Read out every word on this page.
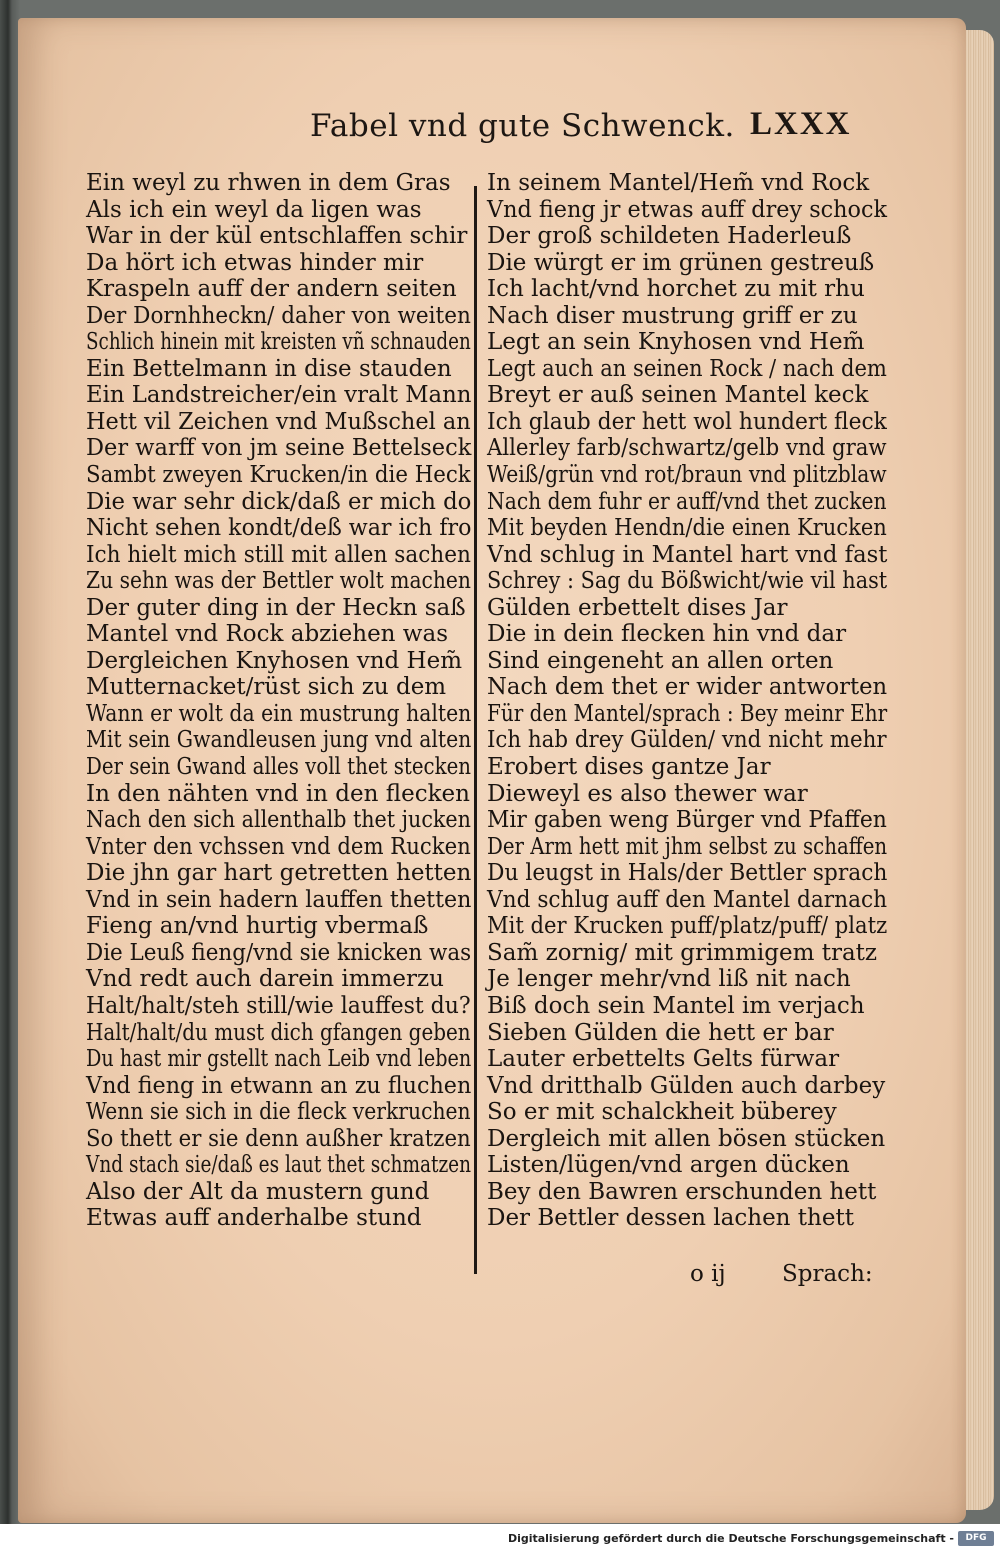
Fabel vnd gute Schwenck. LXXX
Ein weyl zu rhwen in dem Gras
Als ich ein weyl da ligen was
War in der kül entschlaffen schir
Da hört ich etwas hinder mir
Kraspeln auff der andern seiten
Der Dornhheckn/ daher von weiten
Schlich hinein mit kreisten vñ schnauden
Ein Bettelmann in dise stauden
Ein Landstreicher/ein vralt Mann
Hett vil Zeichen vnd Mußschel an
Der warff von jm seine Bettelseck
Sambt zweyen Krucken/in die Heck
Die war sehr dick/daß er mich do
Nicht sehen kondt/deß war ich fro
Ich hielt mich still mit allen sachen
Zu sehn was der Bettler wolt machen
Der guter ding in der Heckn saß
Mantel vnd Rock abziehen was
Dergleichen Knyhosen vnd Hem̃
Mutternacket/rüst sich zu dem
Wann er wolt da ein mustrung halten
Mit sein Gwandleusen jung vnd alten
Der sein Gwand alles voll thet stecken
In den nähten vnd in den flecken
Nach den sich allenthalb thet jucken
Vnter den vchssen vnd dem Rucken
Die jhn gar hart getretten hetten
Vnd in sein hadern lauffen thetten
Fieng an/vnd hurtig vbermaß
Die Leuß fieng/vnd sie knicken was
Vnd redt auch darein immerzu
Halt/halt/steh still/wie lauffest du?
Halt/halt/du must dich gfangen geben
Du hast mir gstellt nach Leib vnd leben
Vnd fieng in etwann an zu fluchen
Wenn sie sich in die fleck verkruchen
So thett er sie denn außher kratzen
Vnd stach sie/daß es laut thet schmatzen
Also der Alt da mustern gund
Etwas auff anderhalbe stund
In seinem Mantel/Hem̃ vnd Rock
Vnd fieng jr etwas auff drey schock
Der groß schildeten Haderleuß
Die würgt er im grünen gestreuß
Ich lacht/vnd horchet zu mit rhu
Nach diser mustrung griff er zu
Legt an sein Knyhosen vnd Hem̃
Legt auch an seinen Rock / nach dem
Breyt er auß seinen Mantel keck
Ich glaub der hett wol hundert fleck
Allerley farb/schwartz/gelb vnd graw
Weiß/grün vnd rot/braun vnd plitzblaw
Nach dem fuhr er auff/vnd thet zucken
Mit beyden Hendn/die einen Krucken
Vnd schlug in Mantel hart vnd fast
Schrey : Sag du Bößwicht/wie vil hast
Gülden erbettelt dises Jar
Die in dein flecken hin vnd dar
Sind eingeneht an allen orten
Nach dem thet er wider antworten
Für den Mantel/sprach : Bey meinr Ehr
Ich hab drey Gülden/ vnd nicht mehr
Erobert dises gantze Jar
Dieweyl es also thewer war
Mir gaben weng Bürger vnd Pfaffen
Der Arm hett mit jhm selbst zu schaffen
Du leugst in Hals/der Bettler sprach
Vnd schlug auff den Mantel darnach
Mit der Krucken puff/platz/puff/ platz
Sam̃ zornig/ mit grimmigem tratz
Je lenger mehr/vnd liß nit nach
Biß doch sein Mantel im verjach
Sieben Gülden die hett er bar
Lauter erbettelts Gelts fürwar
Vnd dritthalb Gülden auch darbey
So er mit schalckheit büberey
Dergleich mit allen bösen stücken
Listen/lügen/vnd argen dücken
Bey den Bawren erschunden hett
Der Bettler dessen lachen thett
o ij Sprach:
Digitalisierung gefördert durch die Deutsche Forschungsgemeinschaft -	DFG
